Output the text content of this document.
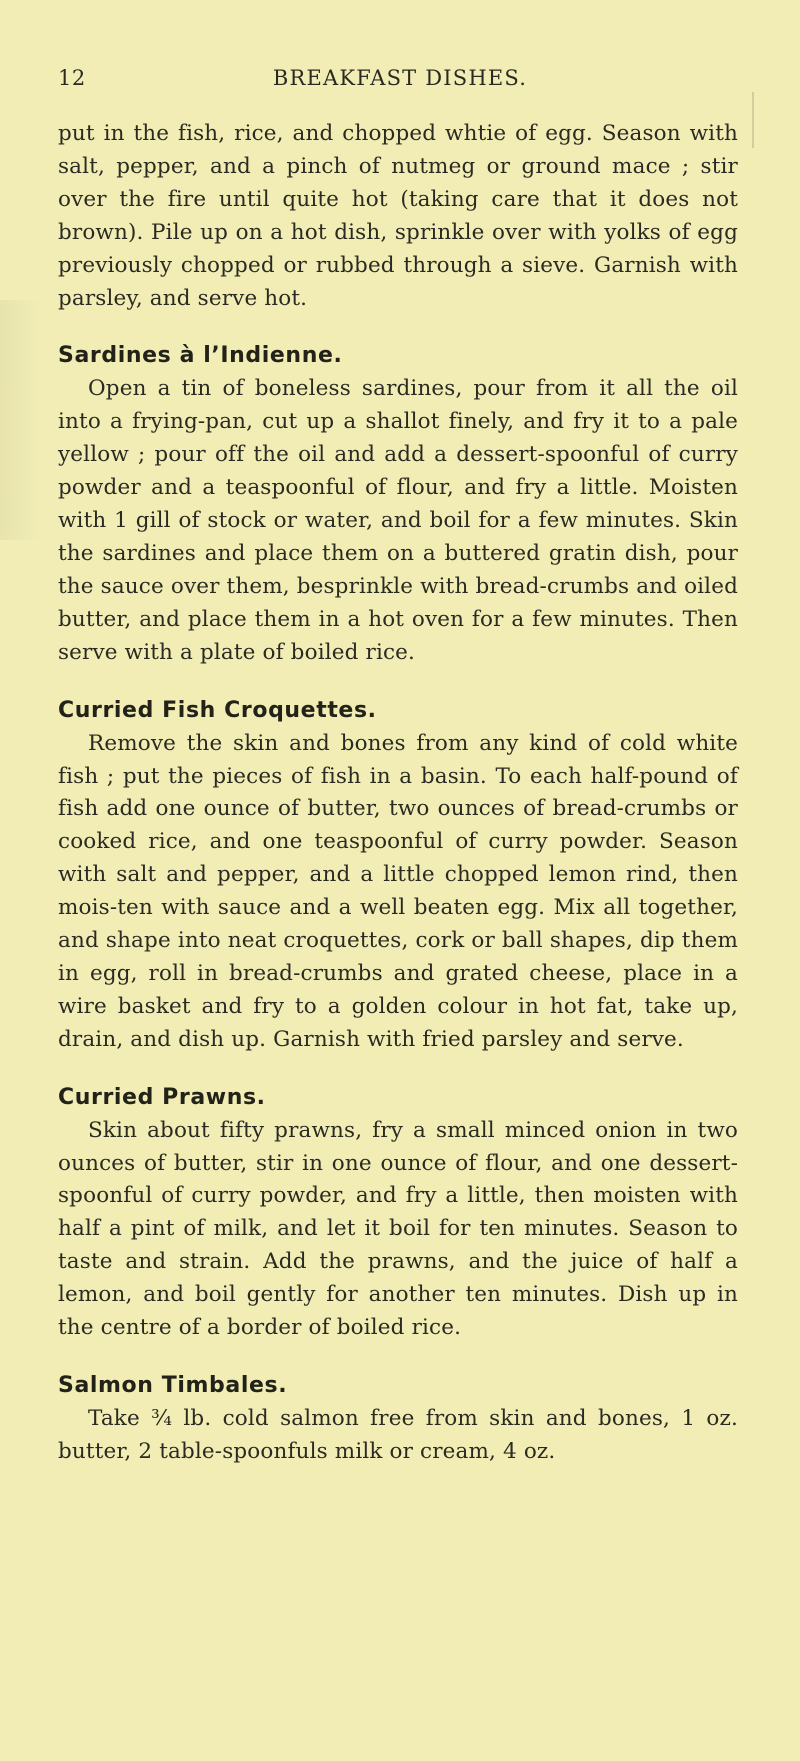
12	BREAKFAST DISHES.

put in the fish, rice, and chopped whtie of egg. Season with salt, pepper, and a pinch of nutmeg or ground mace ; stir over the fire until quite hot (taking care that it does not brown). Pile up on a hot dish, sprinkle over with yolks of egg previously chopped or rubbed through a sieve. Garnish with parsley, and serve hot.

Sardines à l’Indienne.

Open a tin of boneless sardines, pour from it all the oil into a frying-pan, cut up a shallot finely, and fry it to a pale yellow ; pour off the oil and add a dessert-spoonful of curry powder and a teaspoonful of flour, and fry a little. Moisten with 1 gill of stock or water, and boil for a few minutes. Skin the sardines and place them on a buttered gratin dish, pour the sauce over them, besprinkle with bread-crumbs and oiled butter, and place them in a hot oven for a few minutes. Then serve with a plate of boiled rice.

Curried Fish Croquettes.

Remove the skin and bones from any kind of cold white fish ; put the pieces of fish in a basin. To each half-pound of fish add one ounce of butter, two ounces of bread-crumbs or cooked rice, and one teaspoonful of curry powder. Season with salt and pepper, and a little chopped lemon rind, then mois-ten with sauce and a well beaten egg. Mix all together, and shape into neat croquettes, cork or ball shapes, dip them in egg, roll in bread-crumbs and grated cheese, place in a wire basket and fry to a golden colour in hot fat, take up, drain, and dish up. Garnish with fried parsley and serve.

Curried Prawns.

Skin about fifty prawns, fry a small minced onion in two ounces of butter, stir in one ounce of flour, and one dessert-spoonful of curry powder, and fry a little, then moisten with half a pint of milk, and let it boil for ten minutes. Season to taste and strain. Add the prawns, and the juice of half a lemon, and boil gently for another ten minutes. Dish up in the centre of a border of boiled rice.

Salmon Timbales.

Take ¾ lb. cold salmon free from skin and bones, 1 oz. butter, 2 table-spoonfuls milk or cream, 4 oz.
